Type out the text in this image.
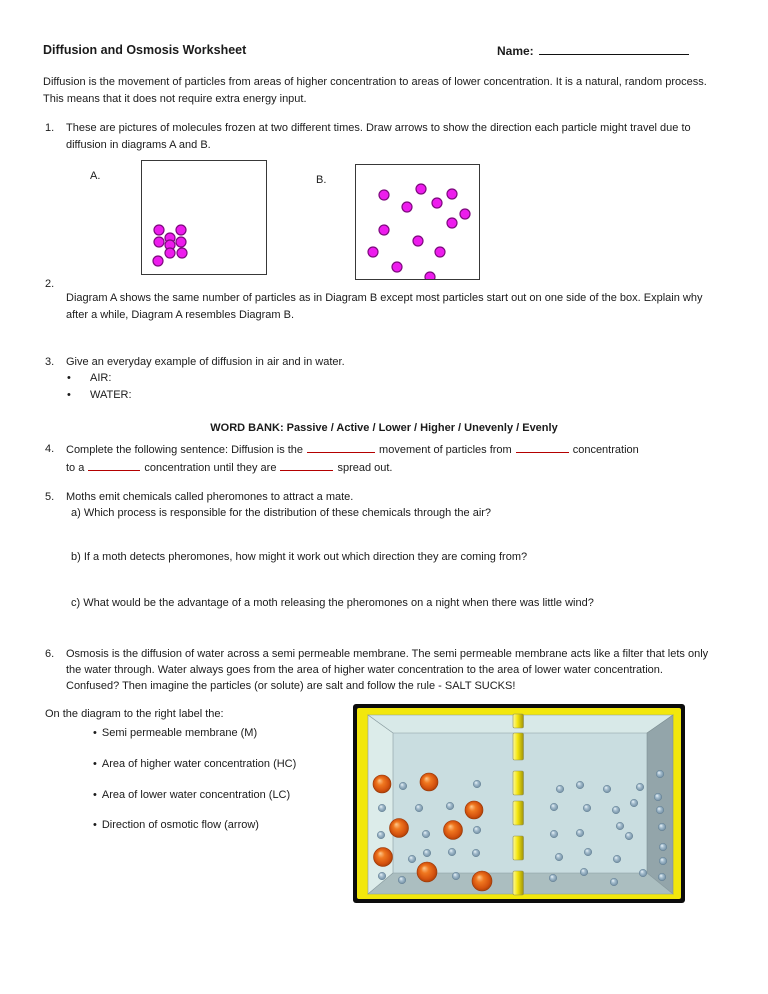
Diffusion and Osmosis Worksheet	Name:
Diffusion is the movement of particles from areas of higher concentration to areas of lower concentration. It is a natural, random process. This means that it does not require extra energy input.
1. These are pictures of molecules frozen at two different times. Draw arrows to show the direction each particle might travel due to diffusion in diagrams A and B.
A.	B.
2.
Diagram A shows the same number of particles as in Diagram B except most particles start out on one side of the box. Explain why after a while, Diagram A resembles Diagram B.
3. Give an everyday example of diffusion in air and in water.
• AIR:
• WATER:
WORD BANK: Passive / Active / Lower / Higher / Unevenly / Evenly
4. Complete the following sentence: Diffusion is the	movement of particles from	concentration
to a	concentration until they are	spread out.
5. Moths emit chemicals called pheromones to attract a mate.
a) Which process is responsible for the distribution of these chemicals through the air?
b) If a moth detects pheromones, how might it work out which direction they are coming from?
c) What would be the advantage of a moth releasing the pheromones on a night when there was little wind?
6. Osmosis is the diffusion of water across a semi permeable membrane. The semi permeable membrane acts like a filter that lets only the water through. Water always goes from the area of higher water concentration to the area of lower water concentration. Confused? Then imagine the particles (or solute) are salt and follow the rule - SALT SUCKS!
On the diagram to the right label the:
• Semi permeable membrane (M)
• Area of higher water concentration (HC)
• Area of lower water concentration (LC)
• Direction of osmotic flow (arrow)
